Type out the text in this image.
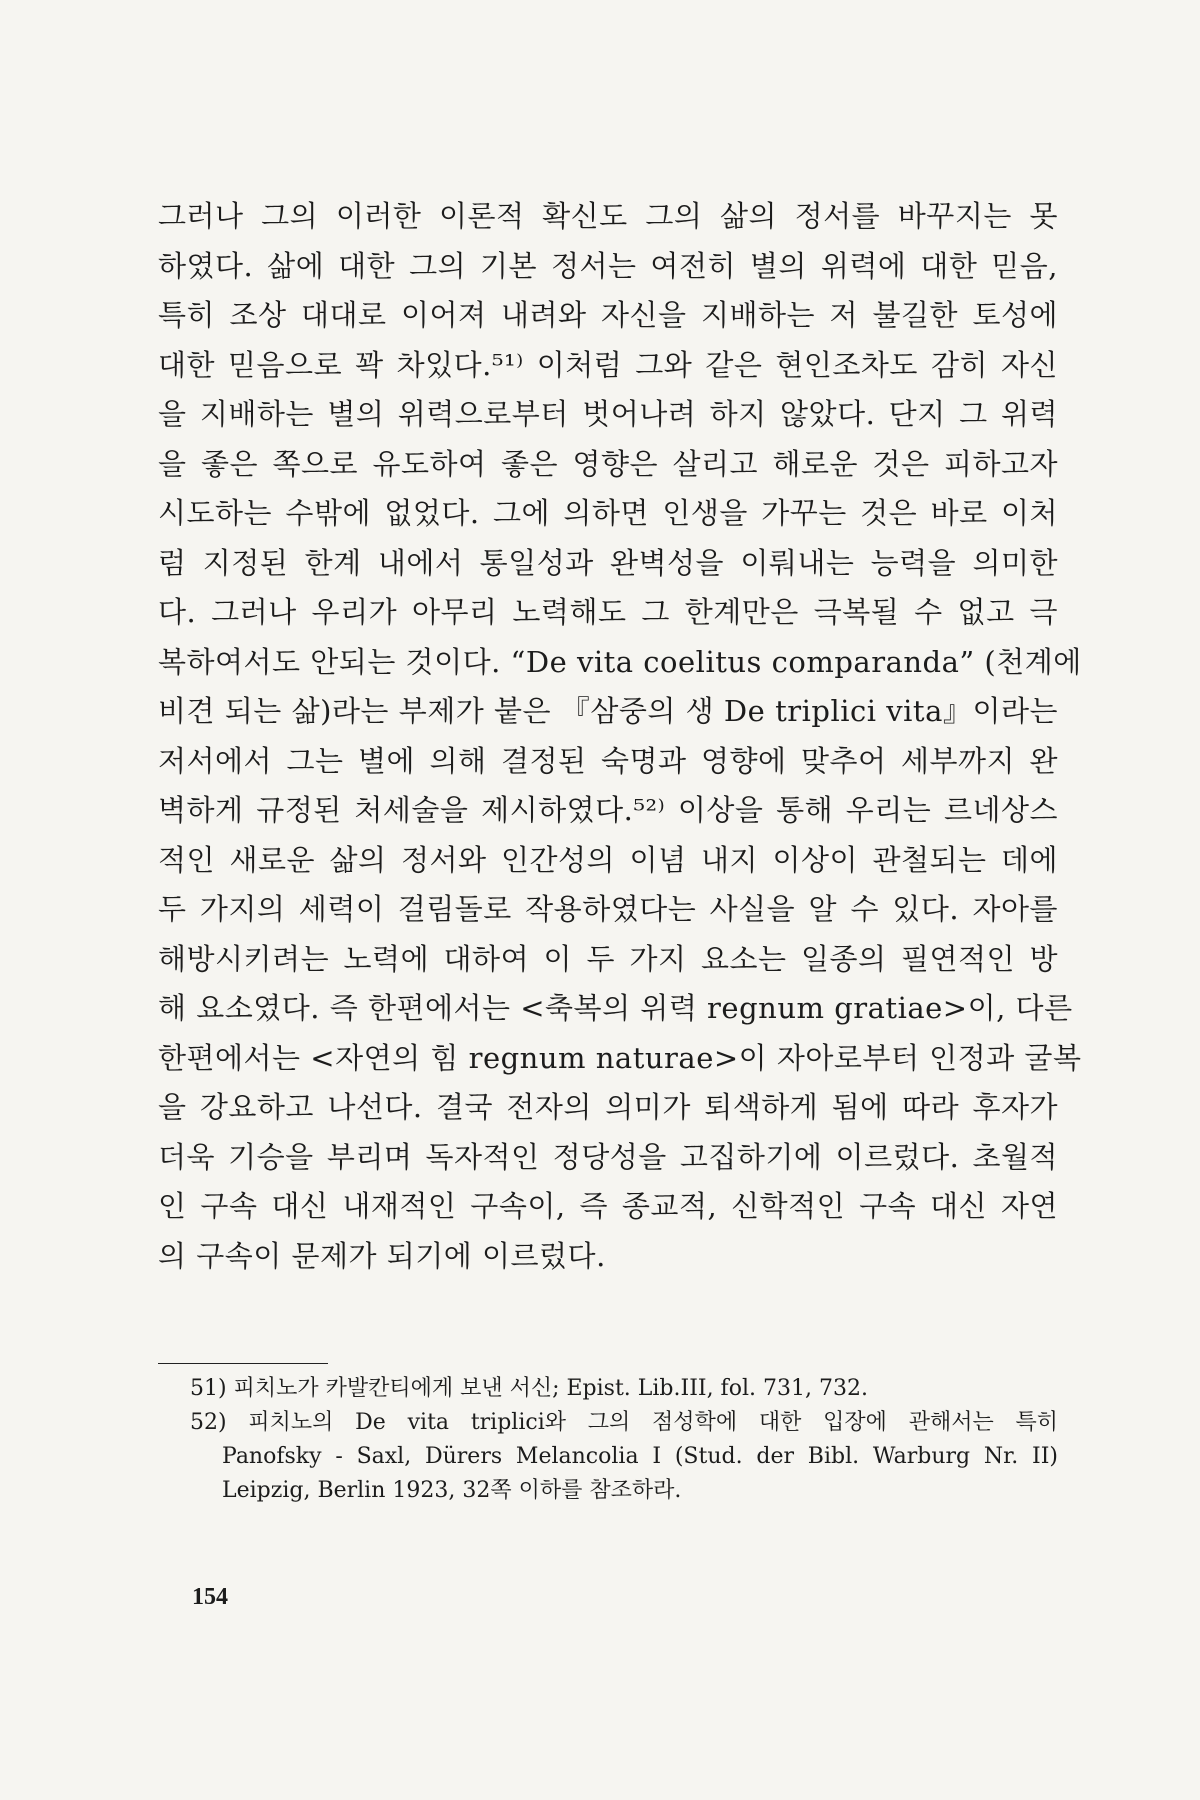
그러나 그의 이러한 이론적 확신도 그의 삶의 정서를 바꾸지는 못
하였다. 삶에 대한 그의 기본 정서는 여전히 별의 위력에 대한 믿음,
특히 조상 대대로 이어져 내려와 자신을 지배하는 저 불길한 토성에
대한 믿음으로 꽉 차있다.⁵¹⁾ 이처럼 그와 같은 현인조차도 감히 자신
을 지배하는 별의 위력으로부터 벗어나려 하지 않았다. 단지 그 위력
을 좋은 쪽으로 유도하여 좋은 영향은 살리고 해로운 것은 피하고자
시도하는 수밖에 없었다. 그에 의하면 인생을 가꾸는 것은 바로 이처
럼 지정된 한계 내에서 통일성과 완벽성을 이뤄내는 능력을 의미한
다. 그러나 우리가 아무리 노력해도 그 한계만은 극복될 수 없고 극
복하여서도 안되는 것이다. “De vita coelitus comparanda” (천계에
비견 되는 삶)라는 부제가 붙은 『삼중의 생 De triplici vita』이라는
저서에서 그는 별에 의해 결정된 숙명과 영향에 맞추어 세부까지 완
벽하게 규정된 처세술을 제시하였다.⁵²⁾ 이상을 통해 우리는 르네상스
적인 새로운 삶의 정서와 인간성의 이념 내지 이상이 관철되는 데에
두 가지의 세력이 걸림돌로 작용하였다는 사실을 알 수 있다. 자아를
해방시키려는 노력에 대하여 이 두 가지 요소는 일종의 필연적인 방
해 요소였다. 즉 한편에서는 <축복의 위력 regnum gratiae>이, 다른
한편에서는 <자연의 힘 regnum naturae>이 자아로부터 인정과 굴복
을 강요하고 나선다. 결국 전자의 의미가 퇴색하게 됨에 따라 후자가
더욱 기승을 부리며 독자적인 정당성을 고집하기에 이르렀다. 초월적
인 구속 대신 내재적인 구속이, 즉 종교적, 신학적인 구속 대신 자연
의 구속이 문제가 되기에 이르렀다.
51) 피치노가 카발칸티에게 보낸 서신; Epist. Lib.III, fol. 731, 732.
52) 피치노의 De vita triplici와 그의 점성학에 대한 입장에 관해서는 특히
Panofsky - Saxl, Dürers Melancolia I (Stud. der Bibl. Warburg Nr. II)
Leipzig, Berlin 1923, 32쪽 이하를 참조하라.
154
